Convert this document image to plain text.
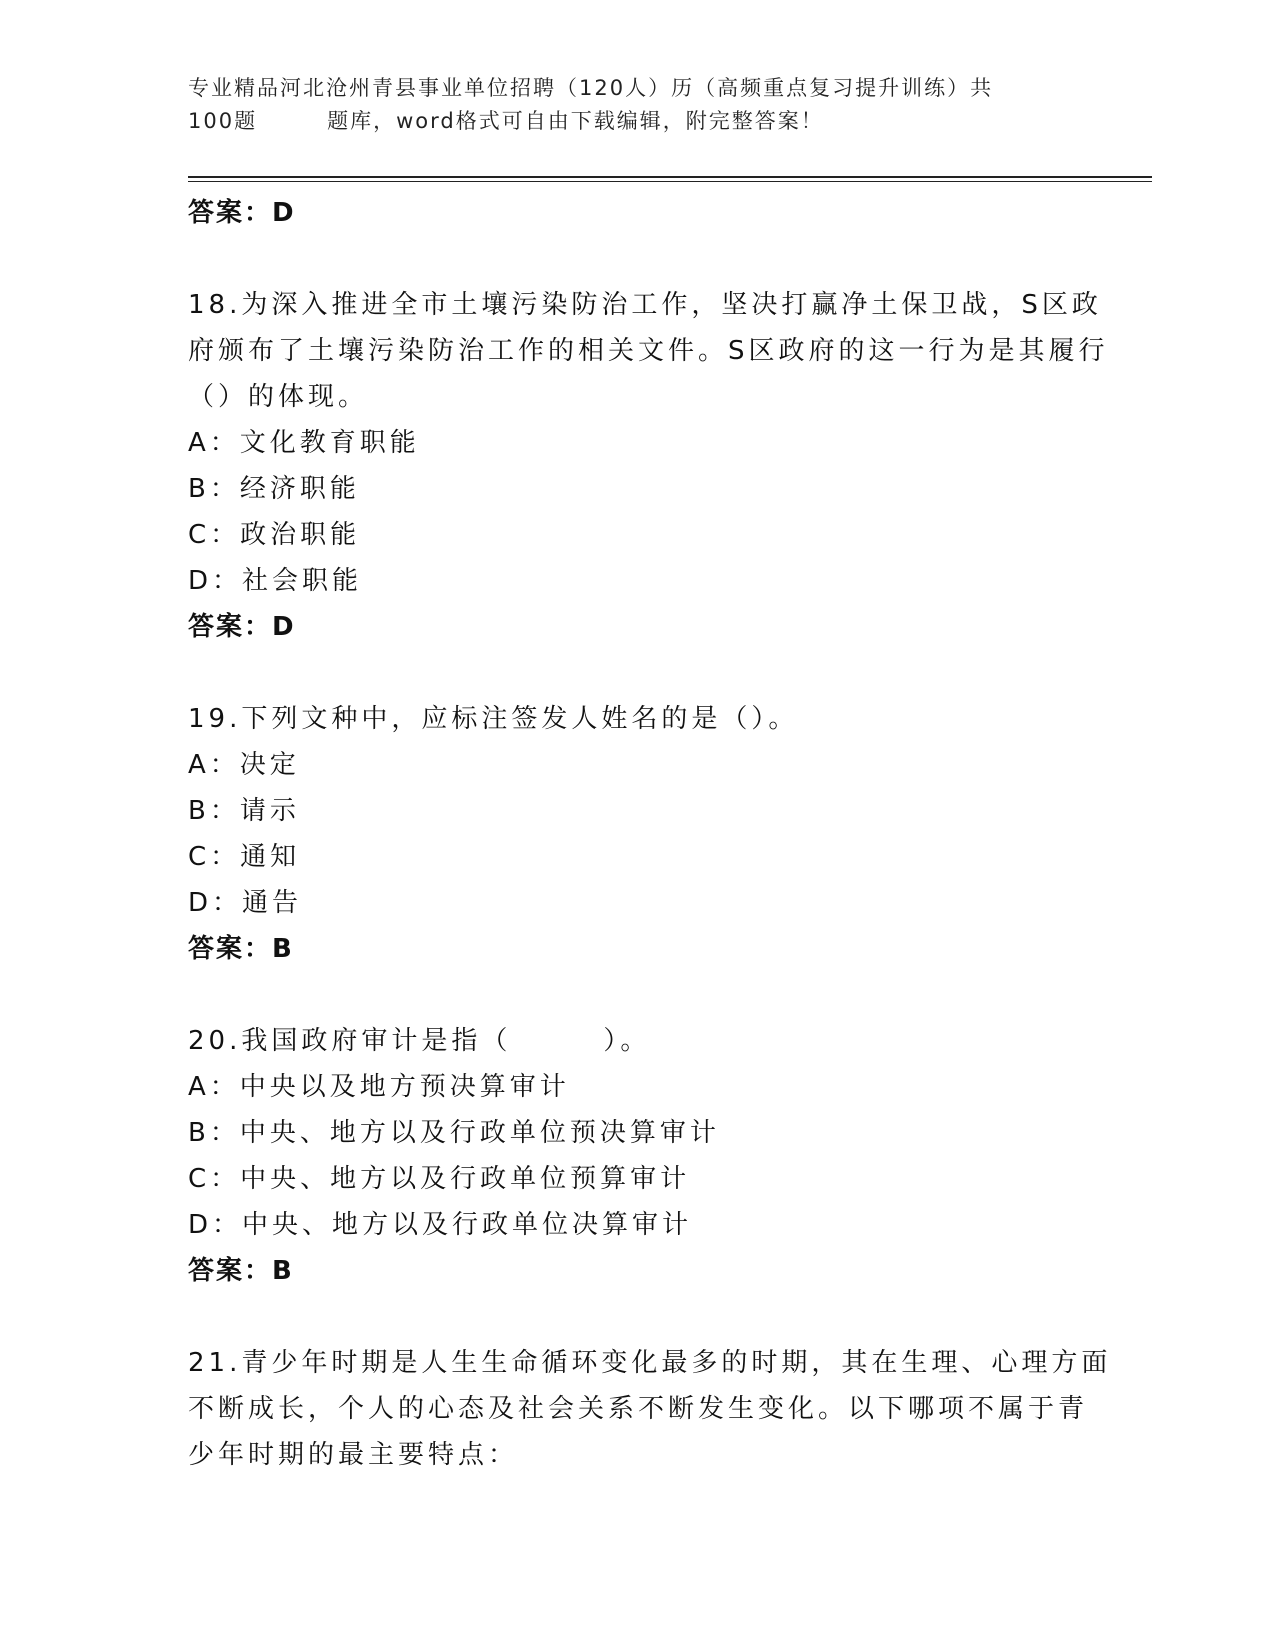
专业精品河北沧州青县事业单位招聘（120人）历（高频重点复习提升训练）共
100题	题库，word格式可自由下载编辑，附完整答案！
答案：D
18.为深入推进全市土壤污染防治工作，坚决打赢净土保卫战，S区政
府颁布了土壤污染防治工作的相关文件。S区政府的这一行为是其履行
（）的体现。
A：文化教育职能
B：经济职能
C：政治职能
D：社会职能
答案：D
19.下列文种中，应标注签发人姓名的是（）。
A：决定
B：请示
C：通知
D：通告
答案：B
20.我国政府审计是指（	）。
A：中央以及地方预决算审计
B：中央、地方以及行政单位预决算审计
C：中央、地方以及行政单位预算审计
D：中央、地方以及行政单位决算审计
答案：B
21.青少年时期是人生生命循环变化最多的时期，其在生理、心理方面
不断成长，个人的心态及社会关系不断发生变化。以下哪项不属于青
少年时期的最主要特点：
